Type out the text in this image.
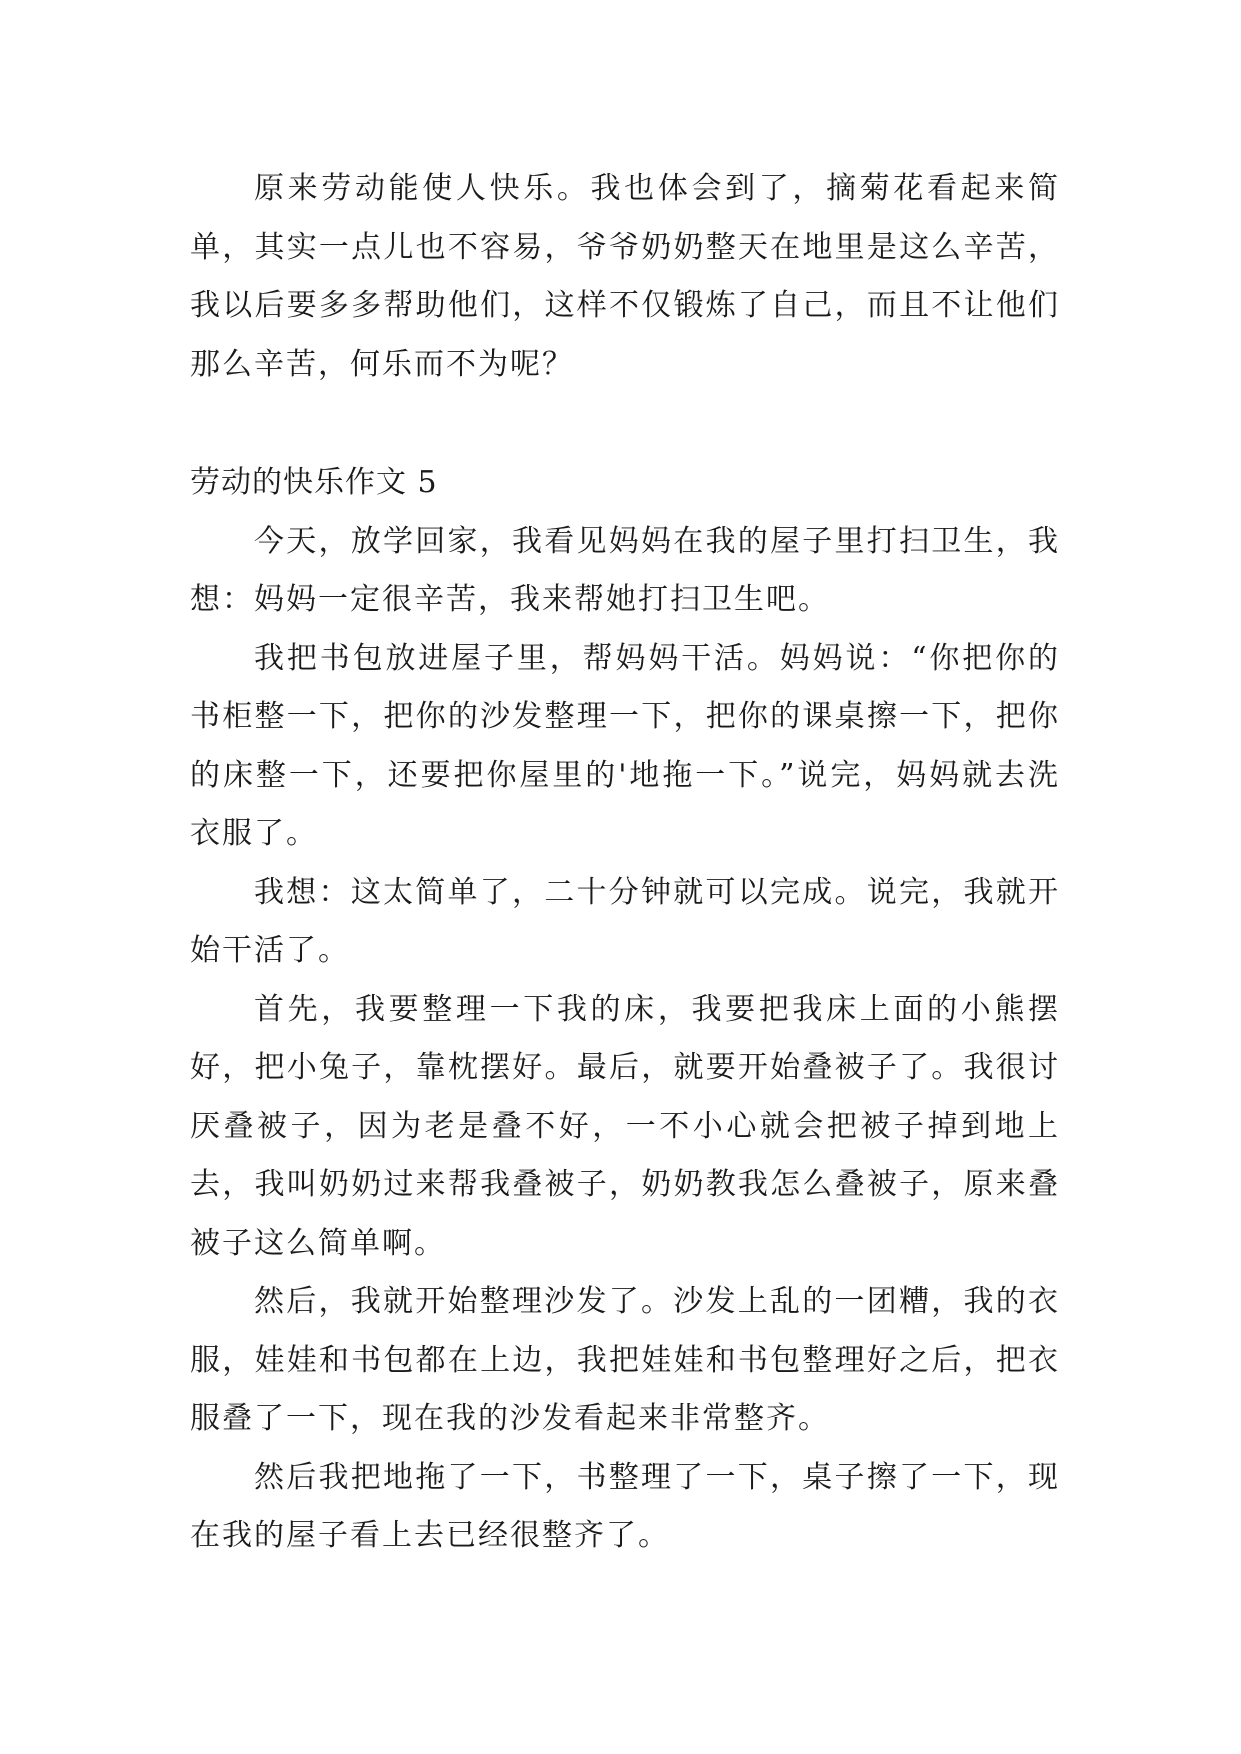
原来劳动能使人快乐。我也体会到了，摘菊花看起来简单，其实一点儿也不容易，爷爷奶奶整天在地里是这么辛苦，我以后要多多帮助他们，这样不仅锻炼了自己，而且不让他们那么辛苦，何乐而不为呢？

劳动的快乐作文 5

今天，放学回家，我看见妈妈在我的屋子里打扫卫生，我想：妈妈一定很辛苦，我来帮她打扫卫生吧。

我把书包放进屋子里，帮妈妈干活。妈妈说：“你把你的书柜整一下，把你的沙发整理一下，把你的课桌擦一下，把你的床整一下，还要把你屋里的'地拖一下。”说完，妈妈就去洗衣服了。

我想：这太简单了，二十分钟就可以完成。说完，我就开始干活了。

首先，我要整理一下我的床，我要把我床上面的小熊摆好，把小兔子，靠枕摆好。最后，就要开始叠被子了。我很讨厌叠被子，因为老是叠不好，一不小心就会把被子掉到地上去，我叫奶奶过来帮我叠被子，奶奶教我怎么叠被子，原来叠被子这么简单啊。

然后，我就开始整理沙发了。沙发上乱的一团糟，我的衣服，娃娃和书包都在上边，我把娃娃和书包整理好之后，把衣服叠了一下，现在我的沙发看起来非常整齐。

然后我把地拖了一下，书整理了一下，桌子擦了一下，现在我的屋子看上去已经很整齐了。
